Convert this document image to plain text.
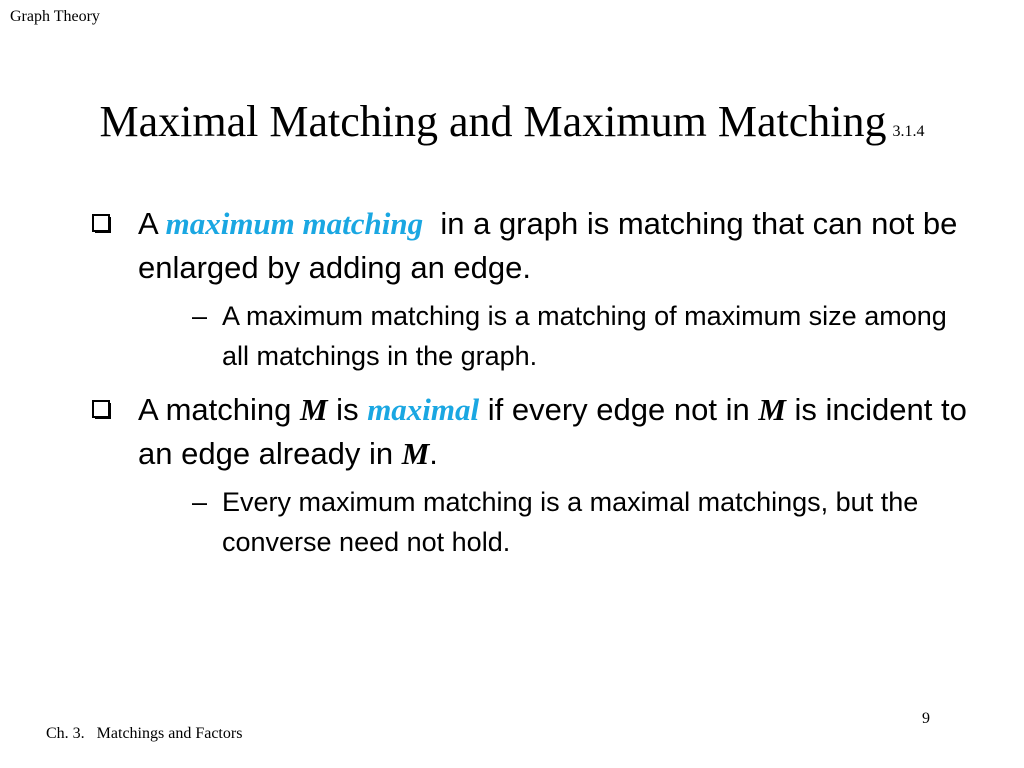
Graph Theory
Maximal Matching and Maximum Matching 3.1.4
A maximum matching  in a graph is matching that can not be enlarged by adding an edge.
– A maximum matching is a matching of maximum size among all matchings in the graph.
A matching M is maximal if every edge not in M is incident to an edge already in M.
– Every maximum matching is a maximal matchings, but the converse need not hold.
9
Ch. 3.   Matchings and Factors
